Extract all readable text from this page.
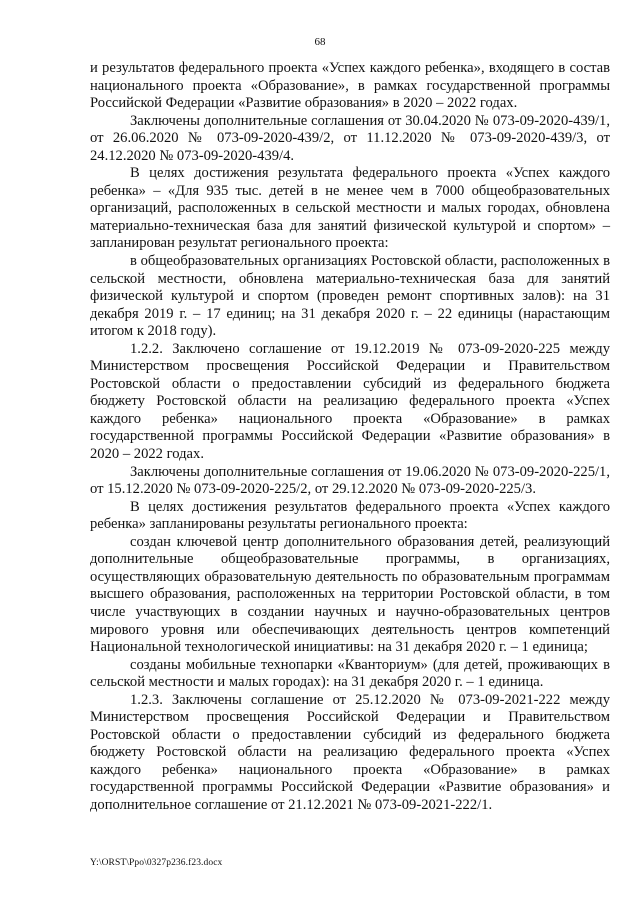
68

и результатов федерального проекта «Успех каждого ребенка», входящего в состав национального проекта «Образование», в рамках государственной программы Российской Федерации «Развитие образования» в 2020 – 2022 годах.

Заключены дополнительные соглашения от 30.04.2020 № 073-09-2020-439/1, от 26.06.2020 № 073-09-2020-439/2, от 11.12.2020 № 073-09-2020-439/3, от 24.12.2020 № 073-09-2020-439/4.

В целях достижения результата федерального проекта «Успех каждого ребенка» – «Для 935 тыс. детей в не менее чем в 7000 общеобразовательных организаций, расположенных в сельской местности и малых городах, обновлена материально-техническая база для занятий физической культурой и спортом» – запланирован результат регионального проекта:

в общеобразовательных организациях Ростовской области, расположенных в сельской местности, обновлена материально-техническая база для занятий физической культурой и спортом (проведен ремонт спортивных залов): на 31 декабря 2019 г. – 17 единиц; на 31 декабря 2020 г. – 22 единицы (нарастающим итогом к 2018 году).

1.2.2. Заключено соглашение от 19.12.2019 № 073-09-2020-225 между Министерством просвещения Российской Федерации и Правительством Ростовской области о предоставлении субсидий из федерального бюджета бюджету Ростовской области на реализацию федерального проекта «Успех каждого ребенка» национального проекта «Образование» в рамках государственной программы Российской Федерации «Развитие образования» в 2020 – 2022 годах.

Заключены дополнительные соглашения от 19.06.2020 № 073-09-2020-225/1, от 15.12.2020 № 073-09-2020-225/2, от 29.12.2020 № 073-09-2020-225/3.

В целях достижения результатов федерального проекта «Успех каждого ребенка» запланированы результаты регионального проекта:

создан ключевой центр дополнительного образования детей, реализующий дополнительные общеобразовательные программы, в организациях, осуществляющих образовательную деятельность по образовательным программам высшего образования, расположенных на территории Ростовской области, в том числе участвующих в создании научных и научно-образовательных центров мирового уровня или обеспечивающих деятельность центров компетенций Национальной технологической инициативы: на 31 декабря 2020 г. – 1 единица;

созданы мобильные технопарки «Кванториум» (для детей, проживающих в сельской местности и малых городах): на 31 декабря 2020 г. – 1 единица.

1.2.3. Заключены соглашение от 25.12.2020 № 073-09-2021-222 между Министерством просвещения Российской Федерации и Правительством Ростовской области о предоставлении субсидий из федерального бюджета бюджету Ростовской области на реализацию федерального проекта «Успех каждого ребенка» национального проекта «Образование» в рамках государственной программы Российской Федерации «Развитие образования» и дополнительное соглашение от 21.12.2021 № 073-09-2021-222/1.

Y:\ORST\Ppo\0327p236.f23.docx
